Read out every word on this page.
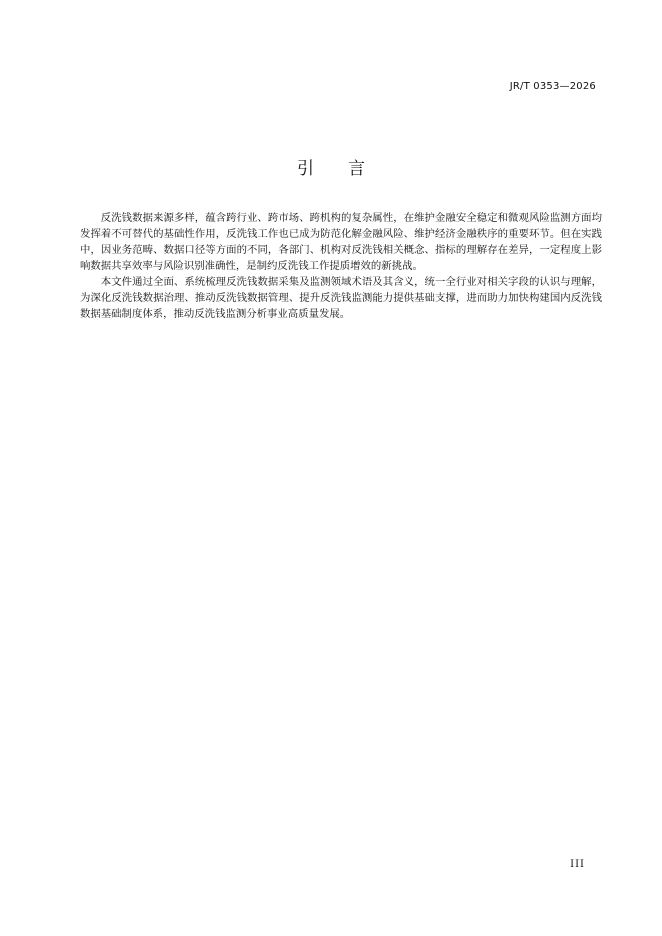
JR/T 0353—2026
引言

反洗钱数据来源多样，蕴含跨行业、跨市场、跨机构的复杂属性，在维护金融安全稳定和微观风险监测方面均发挥着不可替代的基础性作用，反洗钱工作也已成为防范化解金融风险、维护经济金融秩序的重要环节。但在实践中，因业务范畴、数据口径等方面的不同，各部门、机构对反洗钱相关概念、指标的理解存在差异，一定程度上影响数据共享效率与风险识别准确性，是制约反洗钱工作提质增效的新挑战。

本文件通过全面、系统梳理反洗钱数据采集及监测领域术语及其含义，统一全行业对相关字段的认识与理解，为深化反洗钱数据治理、推动反洗钱数据管理、提升反洗钱监测能力提供基础支撑，进而助力加快构建国内反洗钱数据基础制度体系，推动反洗钱监测分析事业高质量发展。

III
